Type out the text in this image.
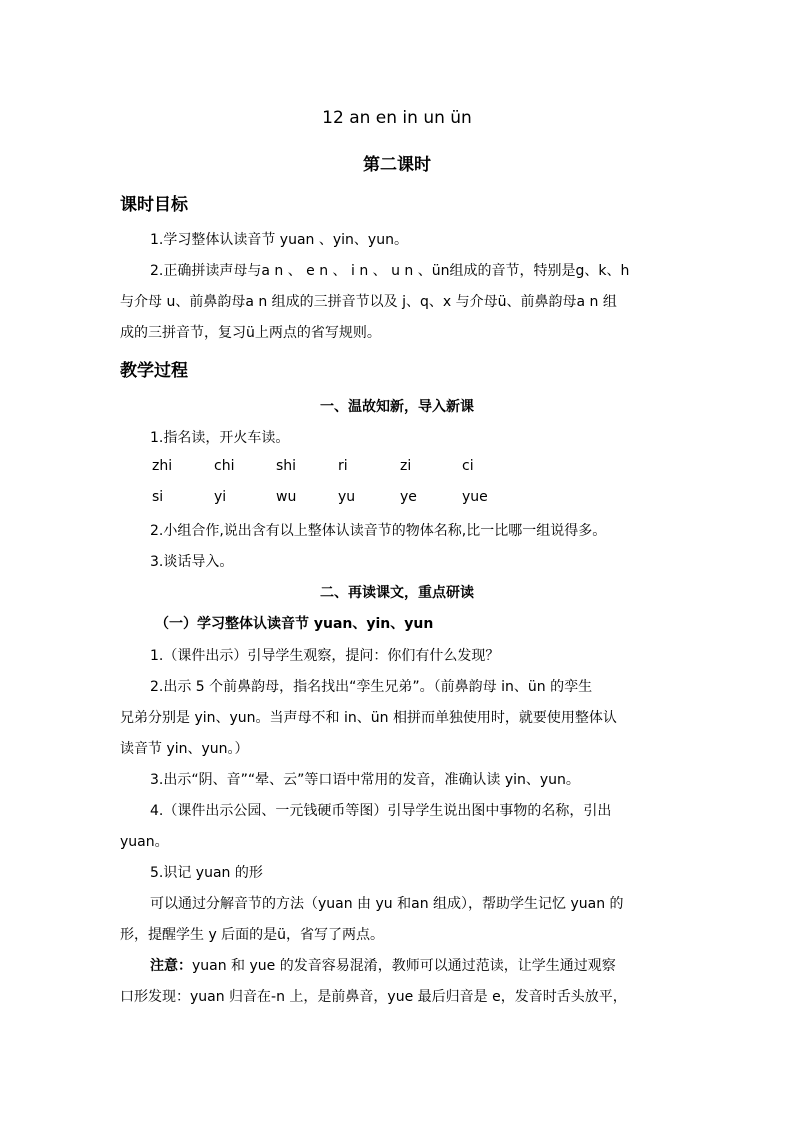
12 an en in un ün
第二课时
课时目标
1.学习整体认读音节 yuan 、yin、yun。
2.正确拼读声母与a n 、 e n 、 i n 、 u n 、ün组成的音节，特别是g、k、h
与介母 u、前鼻韵母a n 组成的三拼音节以及 j、q、x 与介母ü、前鼻韵母a n 组
成的三拼音节，复习ü上两点的省写规则。
教学过程
一、温故知新，导入新课
1.指名读，开火车读。
zhi	chi	shi	ri	zi	ci
si	yi	wu	yu	ye	yue
2.小组合作,说出含有以上整体认读音节的物体名称,比一比哪一组说得多。
3.谈话导入。
二、再读课文，重点研读
（一）学习整体认读音节 yuan、yin、yun
1.（课件出示）引导学生观察，提问：你们有什么发现？
2.出示 5 个前鼻韵母，指名找出“孪生兄弟”。（前鼻韵母 in、ün 的孪生
兄弟分别是 yin、yun。当声母不和 in、ün 相拼而单独使用时，就要使用整体认
读音节 yin、yun。）
3.出示“阴、音”“晕、云”等口语中常用的发音，准确认读 yin、yun。
4.（课件出示公园、一元钱硬币等图）引导学生说出图中事物的名称，引出
yuan。
5.识记 yuan 的形
可以通过分解音节的方法（yuan 由 yu 和an 组成），帮助学生记忆 yuan 的
形，提醒学生 y 后面的是ü，省写了两点。
注意：yuan 和 yue 的发音容易混淆，教师可以通过范读，让学生通过观察
口形发现：yuan 归音在-n 上，是前鼻音，yue 最后归音是 e，发音时舌头放平，
